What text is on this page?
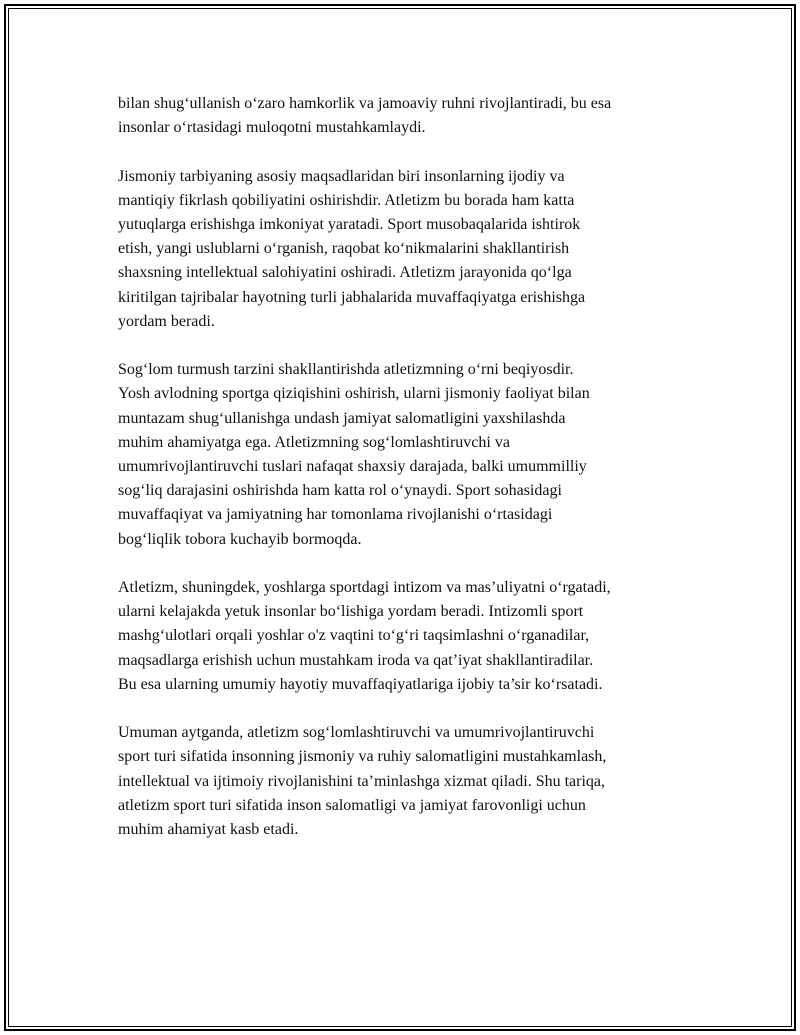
bilan shug‘ullanish o‘zaro hamkorlik va jamoaviy ruhni rivojlantiradi, bu esa
insonlar o‘rtasidagi muloqotni mustahkamlaydi.

Jismoniy tarbiyaning asosiy maqsadlaridan biri insonlarning ijodiy va
mantiqiy fikrlash qobiliyatini oshirishdir. Atletizm bu borada ham katta
yutuqlarga erishishga imkoniyat yaratadi. Sport musobaqalarida ishtirok
etish, yangi uslublarni o‘rganish, raqobat ko‘nikmalarini shakllantirish
shaxsning intellektual salohiyatini oshiradi. Atletizm jarayonida qo‘lga
kiritilgan tajribalar hayotning turli jabhalarida muvaffaqiyatga erishishga
yordam beradi.

Sog‘lom turmush tarzini shakllantirishda atletizmning o‘rni beqiyosdir.
Yosh avlodning sportga qiziqishini oshirish, ularni jismoniy faoliyat bilan
muntazam shug‘ullanishga undash jamiyat salomatligini yaxshilashda
muhim ahamiyatga ega. Atletizmning sog‘lomlashtiruvchi va
umumrivojlantiruvchi tuslari nafaqat shaxsiy darajada, balki umummilliy
sog‘liq darajasini oshirishda ham katta rol o‘ynaydi. Sport sohasidagi
muvaffaqiyat va jamiyatning har tomonlama rivojlanishi o‘rtasidagi
bog‘liqlik tobora kuchayib bormoqda.

Atletizm, shuningdek, yoshlarga sportdagi intizom va mas’uliyatni o‘rgatadi,
ularni kelajakda yetuk insonlar bo‘lishiga yordam beradi. Intizomli sport
mashg‘ulotlari orqali yoshlar o'z vaqtini to‘g‘ri taqsimlashni o‘rganadilar,
maqsadlarga erishish uchun mustahkam iroda va qat’iyat shakllantiradilar.
Bu esa ularning umumiy hayotiy muvaffaqiyatlariga ijobiy ta’sir ko‘rsatadi.

Umuman aytganda, atletizm sog‘lomlashtiruvchi va umumrivojlantiruvchi
sport turi sifatida insonning jismoniy va ruhiy salomatligini mustahkamlash,
intellektual va ijtimoiy rivojlanishini ta’minlashga xizmat qiladi. Shu tariqa,
atletizm sport turi sifatida inson salomatligi va jamiyat farovonligi uchun
muhim ahamiyat kasb etadi.
